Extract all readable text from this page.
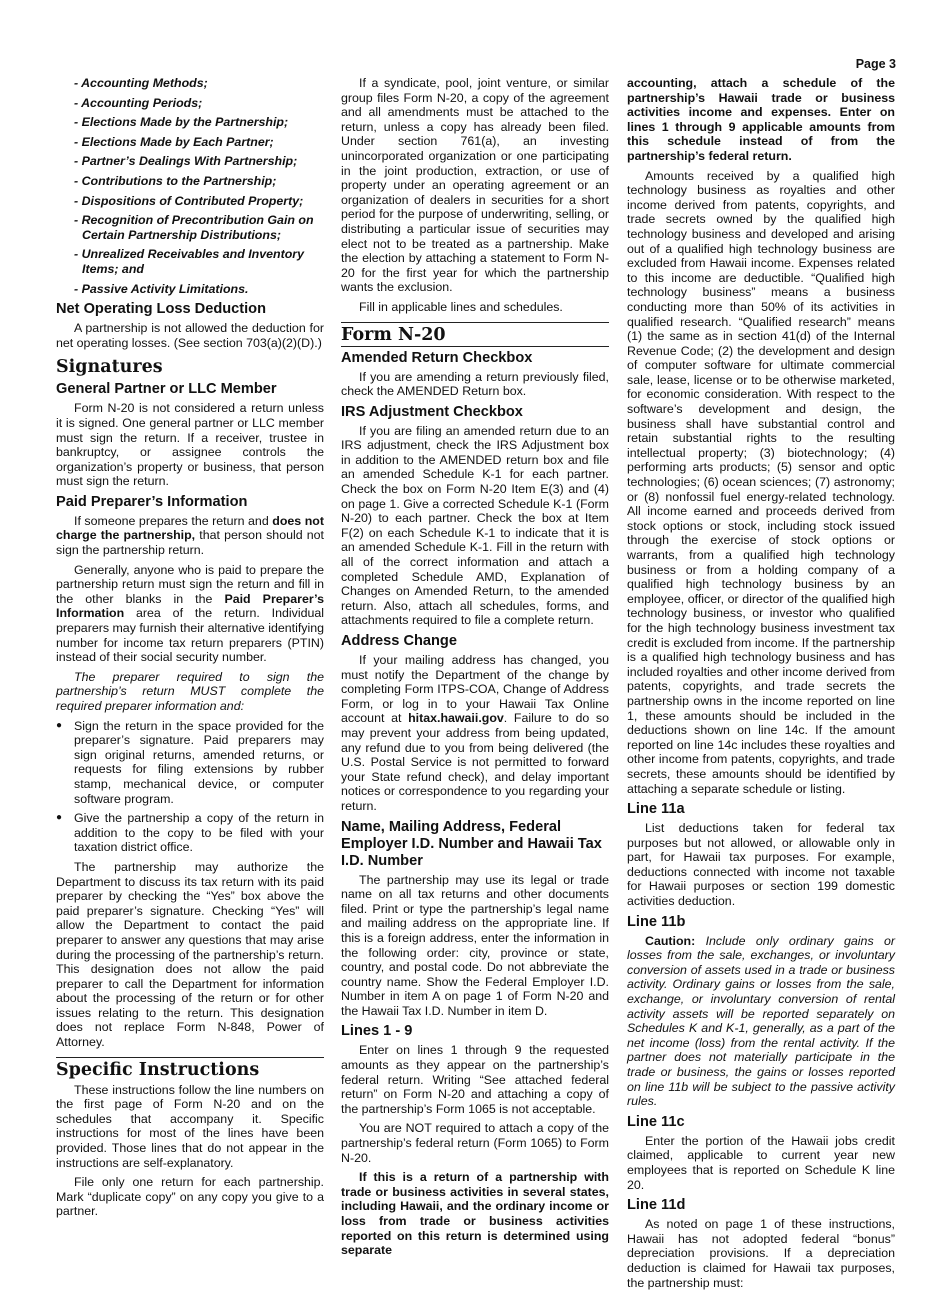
Page 3
- Accounting Methods;
- Accounting Periods;
- Elections Made by the Partnership;
- Elections Made by Each Partner;
- Partner’s Dealings With Partnership;
- Contributions to the Partnership;
- Dispositions of Contributed Property;
- Recognition of Precontribution Gain on Certain Partnership Distributions;
- Unrealized Receivables and Inventory Items; and
- Passive Activity Limitations.
Net Operating Loss Deduction

A partnership is not allowed the deduction for net operating losses. (See section 703(a)(2)(D).)

Signatures
General Partner or LLC Member

Form N-20 is not considered a return unless it is signed. One general partner or LLC member must sign the return. If a receiver, trustee in bankruptcy, or assignee controls the organization’s property or business, that person must sign the return.

Paid Preparer’s Information

If someone prepares the return and does not charge the partnership, that person should not sign the partnership return.

Generally, anyone who is paid to prepare the partnership return must sign the return and fill in the other blanks in the Paid Preparer’s Information area of the return. Individual preparers may furnish their alternative identifying number for income tax return preparers (PTIN) instead of their social security number.

The preparer required to sign the partnership’s return MUST complete the required preparer information and:

● Sign the return in the space provided for the preparer’s signature. Paid preparers may sign original returns, amended returns, or requests for filing extensions by rubber stamp, mechanical device, or computer software program.
● Give the partnership a copy of the return in addition to the copy to be filed with your taxation district office.

The partnership may authorize the Department to discuss its tax return with its paid preparer by checking the “Yes” box above the paid preparer’s signature. Checking “Yes” will allow the Department to contact the paid preparer to answer any questions that may arise during the processing of the partnership’s return. This designation does not allow the paid preparer to call the Department for information about the processing of the return or for other issues relating to the return. This designation does not replace Form N-848, Power of Attorney.

Specific Instructions

These instructions follow the line numbers on the first page of Form N-20 and on the schedules that accompany it. Specific instructions for most of the lines have been provided. Those lines that do not appear in the instructions are self-explanatory.

File only one return for each partnership. Mark “duplicate copy” on any copy you give to a partner.

If a syndicate, pool, joint venture, or similar group files Form N-20, a copy of the agreement and all amendments must be attached to the return, unless a copy has already been filed. Under section 761(a), an investing unincorporated organization or one participating in the joint production, extraction, or use of property under an operating agreement or an organization of dealers in securities for a short period for the purpose of underwriting, selling, or distributing a particular issue of securities may elect not to be treated as a partnership. Make the election by attaching a statement to Form N-20 for the first year for which the partnership wants the exclusion.

Fill in applicable lines and schedules.

Form N-20
Amended Return Checkbox

If you are amending a return previously filed, check the AMENDED Return box.

IRS Adjustment Checkbox

If you are filing an amended return due to an IRS adjustment, check the IRS Adjustment box in addition to the AMENDED return box and file an amended Schedule K-1 for each partner. Check the box on Form N-20 Item E(3) and (4) on page 1. Give a corrected Schedule K-1 (Form N-20) to each partner. Check the box at Item F(2) on each Schedule K-1 to indicate that it is an amended Schedule K-1. Fill in the return with all of the correct information and attach a completed Schedule AMD, Explanation of Changes on Amended Return, to the amended return. Also, attach all schedules, forms, and attachments required to file a complete return.

Address Change

If your mailing address has changed, you must notify the Department of the change by completing Form ITPS-COA, Change of Address Form, or log in to your Hawaii Tax Online account at hitax.hawaii.gov. Failure to do so may prevent your address from being updated, any refund due to you from being delivered (the U.S. Postal Service is not permitted to forward your State refund check), and delay important notices or correspondence to you regarding your return.

Name, Mailing Address, Federal Employer I.D. Number and Hawaii Tax I.D. Number

The partnership may use its legal or trade name on all tax returns and other documents filed. Print or type the partnership’s legal name and mailing address on the appropriate line. If this is a foreign address, enter the information in the following order: city, province or state, country, and postal code. Do not abbreviate the country name. Show the Federal Employer I.D. Number in item A on page 1 of Form N-20 and the Hawaii Tax I.D. Number in item D.

Lines 1 - 9

Enter on lines 1 through 9 the requested amounts as they appear on the partnership’s federal return. Writing “See attached federal return” on Form N-20 and attaching a copy of the partnership’s Form 1065 is not acceptable.

You are NOT required to attach a copy of the partnership’s federal return (Form 1065) to Form N-20.

If this is a return of a partnership with trade or business activities in several states, including Hawaii, and the ordinary income or loss from trade or business activities reported on this return is determined using separate

accounting, attach a schedule of the partnership’s Hawaii trade or business activities income and expenses. Enter on lines 1 through 9 applicable amounts from this schedule instead of from the partnership’s federal return.

Amounts received by a qualified high technology business as royalties and other income derived from patents, copyrights, and trade secrets owned by the qualified high technology business and developed and arising out of a qualified high technology business are excluded from Hawaii income. Expenses related to this income are deductible. “Qualified high technology business” means a business conducting more than 50% of its activities in qualified research. “Qualified research” means (1) the same as in section 41(d) of the Internal Revenue Code; (2) the development and design of computer software for ultimate commercial sale, lease, license or to be otherwise marketed, for economic consideration. With respect to the software’s development and design, the business shall have substantial control and retain substantial rights to the resulting intellectual property; (3) biotechnology; (4) performing arts products; (5) sensor and optic technologies; (6) ocean sciences; (7) astronomy; or (8) nonfossil fuel energy-related technology. All income earned and proceeds derived from stock options or stock, including stock issued through the exercise of stock options or warrants, from a qualified high technology business or from a holding company of a qualified high technology business by an employee, officer, or director of the qualified high technology business, or investor who qualified for the high technology business investment tax credit is excluded from income. If the partnership is a qualified high technology business and has included royalties and other income derived from patents, copyrights, and trade secrets the partnership owns in the income reported on line 1, these amounts should be included in the deductions shown on line 14c. If the amount reported on line 14c includes these royalties and other income from patents, copyrights, and trade secrets, these amounts should be identified by attaching a separate schedule or listing.

Line 11a

List deductions taken for federal tax purposes but not allowed, or allowable only in part, for Hawaii tax purposes. For example, deductions connected with income not taxable for Hawaii purposes or section 199 domestic activities deduction.

Line 11b

Caution: Include only ordinary gains or losses from the sale, exchanges, or involuntary conversion of assets used in a trade or business activity. Ordinary gains or losses from the sale, exchange, or involuntary conversion of rental activity assets will be reported separately on Schedules K and K-1, generally, as a part of the net income (loss) from the rental activity. If the partner does not materially participate in the trade or business, the gains or losses reported on line 11b will be subject to the passive activity rules.

Line 11c

Enter the portion of the Hawaii jobs credit claimed, applicable to current year new employees that is reported on Schedule K line 20.

Line 11d

As noted on page 1 of these instructions, Hawaii has not adopted federal “bonus” depreciation provisions. If a depreciation deduction is claimed for Hawaii tax purposes, the partnership must:
